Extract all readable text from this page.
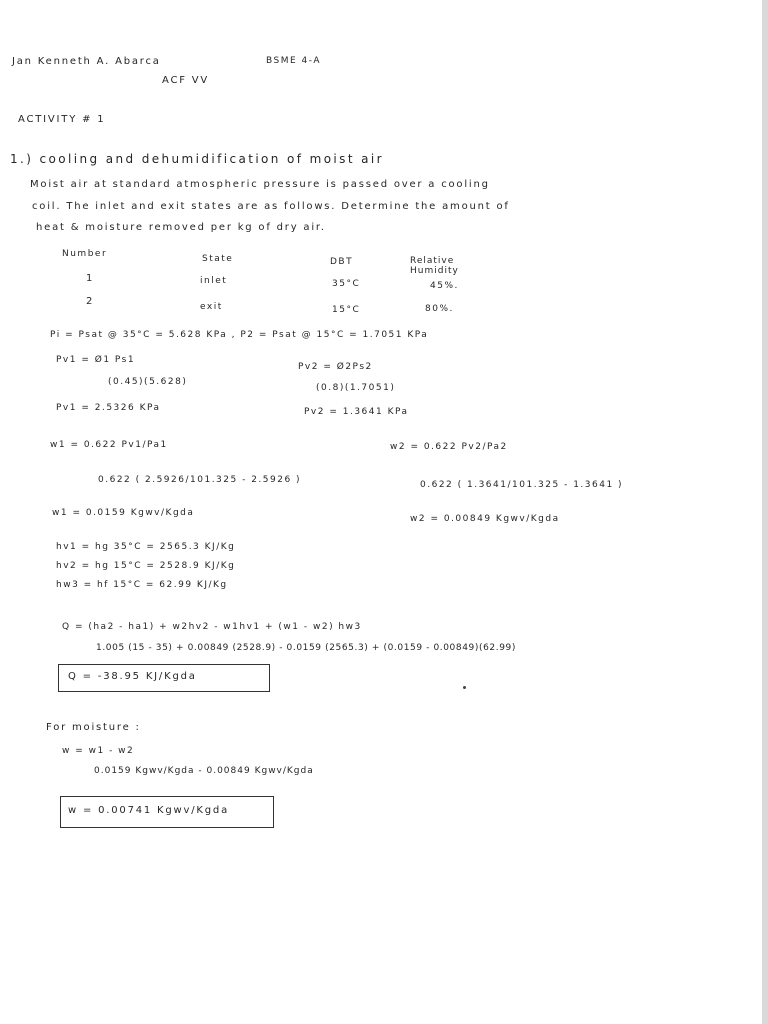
Jan Kenneth A. Abarca	BSME 4-A
ACF VV
ACTIVITY # 1
1.) cooling and dehumidification of moist air
Moist air at standard atmospheric pressure is passed over a cooling
coil. The inlet and exit states are as follows. Determine the amount of
heat & moisture removed per kg of dry air.
Number	State	DBT	Relative Humidity
1	inlet	35°C	45%.
2	exit	15°C	80%.
Pi = Psat @ 35°C = 5.628 KPa , P2 = Psat @ 15°C = 1.7051 KPa
Pv1 = Ø1 Ps1
(0.45)(5.628)
Pv1 = 2.5326 KPa
Pv2 = Ø2Ps2
(0.8)(1.7051)
Pv2 = 1.3641 KPa
w1 = 0.622 Pv1/Pa1
0.622 ( 2.5926/101.325 - 2.5926 )
w1 = 0.0159 Kgwv/Kgda
w2 = 0.622 Pv2/Pa2
0.622 ( 1.3641/101.325 - 1.3641 )
w2 = 0.00849 Kgwv/Kgda
hv1 = hg 35°C = 2565.3 KJ/Kg
hv2 = hg 15°C = 2528.9 KJ/Kg
hw3 = hf 15°C = 62.99 KJ/Kg
Q = (ha2 - ha1) + w2hv2 - w1hv1 + (w1 - w2) hw3
1.005 (15 - 35) + 0.00849 (2528.9) - 0.0159 (2565.3) + (0.0159 - 0.00849)(62.99)
Q = -38.95 KJ/Kgda
For moisture :
w = w1 - w2
0.0159 Kgwv/Kgda - 0.00849 Kgwv/Kgda
w = 0.00741 Kgwv/Kgda
